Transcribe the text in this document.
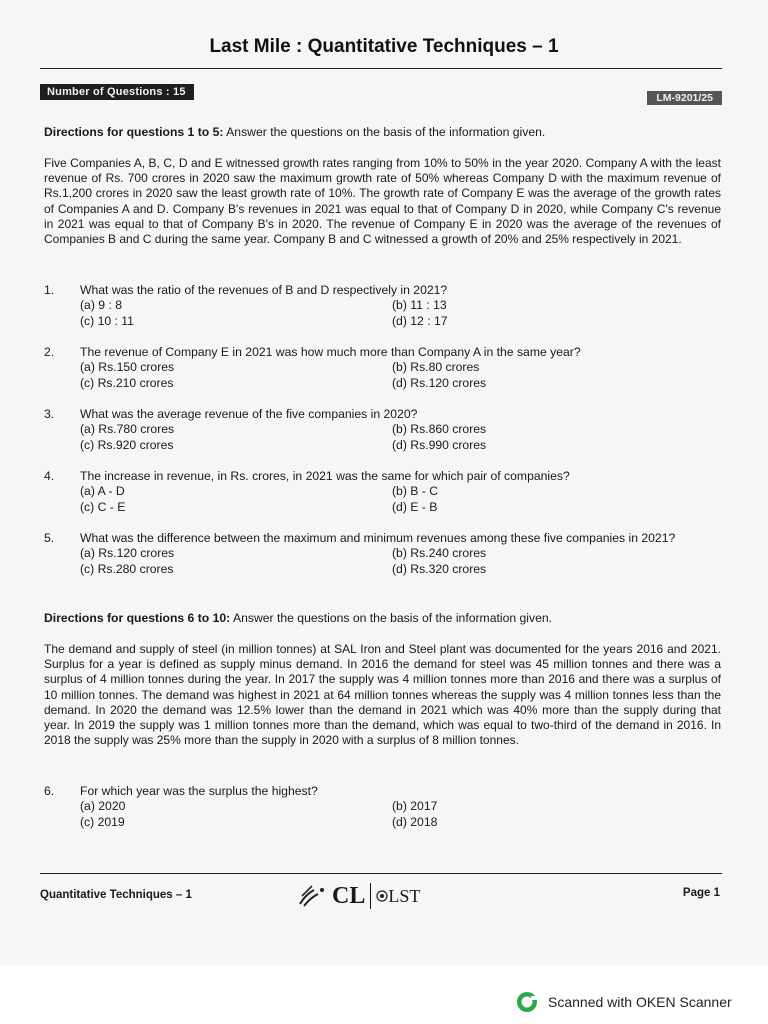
Last Mile : Quantitative Techniques – 1
Number of Questions : 15	LM-9201/25
Directions for questions 1 to 5: Answer the questions on the basis of the information given.
Five Companies A, B, C, D and E witnessed growth rates ranging from 10% to 50% in the year 2020. Company A with the least revenue of Rs. 700 crores in 2020 saw the maximum growth rate of 50% whereas Company D with the maximum revenue of Rs.1,200 crores in 2020 saw the least growth rate of 10%. The growth rate of Company E was the average of the growth rates of Companies A and D. Company B's revenues in 2021 was equal to that of Company D in 2020, while Company C's revenue in 2021 was equal to that of Company B's in 2020. The revenue of Company E in 2020 was the average of the revenues of Companies B and C during the same year. Company B and C witnessed a growth of 20% and 25% respectively in 2021.
1.	What was the ratio of the revenues of B and D respectively in 2021?
(a) 9 : 8	(b) 11 : 13
(c) 10 : 11	(d) 12 : 17
2.	The revenue of Company E in 2021 was how much more than Company A in the same year?
(a) Rs.150 crores	(b) Rs.80 crores
(c) Rs.210 crores	(d) Rs.120 crores
3.	What was the average revenue of the five companies in 2020?
(a) Rs.780 crores	(b) Rs.860 crores
(c) Rs.920 crores	(d) Rs.990 crores
4.	The increase in revenue, in Rs. crores, in 2021 was the same for which pair of companies?
(a) A - D	(b) B - C
(c) C - E	(d) E - B
5.	What was the difference between the maximum and minimum revenues among these five companies in 2021?
(a) Rs.120 crores	(b) Rs.240 crores
(c) Rs.280 crores	(d) Rs.320 crores
Directions for questions 6 to 10: Answer the questions on the basis of the information given.
The demand and supply of steel (in million tonnes) at SAL Iron and Steel plant was documented for the years 2016 and 2021. Surplus for a year is defined as supply minus demand. In 2016 the demand for steel was 45 million tonnes and there was a surplus of 4 million tonnes during the year. In 2017 the supply was 4 million tonnes more than 2016 and there was a surplus of 10 million tonnes. The demand was highest in 2021 at 64 million tonnes whereas the supply was 4 million tonnes less than the demand. In 2020 the demand was 12.5% lower than the demand in 2021 which was 40% more than the supply during that year. In 2019 the supply was 1 million tonnes more than the demand, which was equal to two-third of the demand in 2016. In 2018 the supply was 25% more than the supply in 2020 with a surplus of 8 million tonnes.
6.	For which year was the surplus the highest?
(a) 2020	(b) 2017
(c) 2019	(d) 2018
Quantitative Techniques – 1	CL LST	Page 1
Scanned with OKEN Scanner
